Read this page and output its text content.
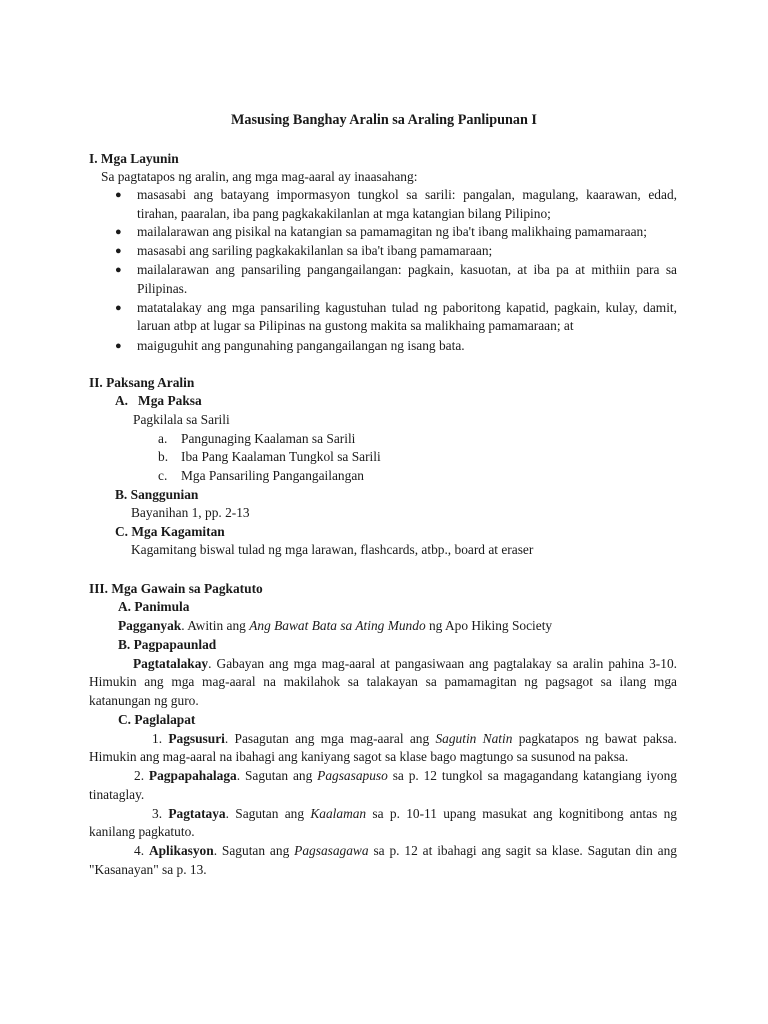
Masusing Banghay Aralin sa Araling Panlipunan I
I. Mga Layunin
Sa pagtatapos ng aralin, ang mga mag-aaral ay inaasahang:
● masasabi ang batayang impormasyon tungkol sa sarili: pangalan, magulang, kaarawan, edad,
tirahan, paaralan, iba pang pagkakakilanlan at mga katangian bilang Pilipino;
● mailalarawan ang pisikal na katangian sa pamamagitan ng iba't ibang malikhaing pamamaraan;
● masasabi ang sariling pagkakakilanlan sa iba't ibang pamamaraan;
● mailalarawan ang pansariling pangangailangan: pagkain, kasuotan, at iba pa at mithiin para sa
Pilipinas.
● matatalakay ang mga pansariling kagustuhan tulad ng paboritong kapatid, pagkain, kulay, damit,
laruan atbp at lugar sa Pilipinas na gustong makita sa malikhaing pamamaraan; at
● maiguguhit ang pangunahing pangangailangan ng isang bata.
II. Paksang Aralin
A.   Mga Paksa
Pagkilala sa Sarili
a. Pangunaging Kaalaman sa Sarili
b. Iba Pang Kaalaman Tungkol sa Sarili
c. Mga Pansariling Pangangailangan
B. Sanggunian
Bayanihan 1, pp. 2-13
C. Mga Kagamitan
Kagamitang biswal tulad ng mga larawan, flashcards, atbp., board at eraser
III. Mga Gawain sa Pagkatuto
A. Panimula
Pagganyak. Awitin ang Ang Bawat Bata sa Ating Mundo ng Apo Hiking Society
B. Pagpapaunlad
Pagtatalakay. Gabayan ang mga mag-aaral at pangasiwaan ang pagtalakay sa aralin pahina 3-10.
Himukin ang mga mag-aaral na makilahok sa talakayan sa pamamagitan ng pagsagot sa ilang mga
katanungan ng guro.
C. Paglalapat
1. Pagsusuri. Pasagutan ang mga mag-aaral ang Sagutin Natin pagkatapos ng bawat paksa.
Himukin ang mag-aaral na ibahagi ang kaniyang sagot sa klase bago magtungo sa susunod na paksa.
2. Pagpapahalaga. Sagutan ang Pagsasapuso sa p. 12 tungkol sa magagandang katangiang iyong
tinataglay.
3. Pagtataya. Sagutan ang Kaalaman sa p. 10-11 upang masukat ang kognitibong antas ng
kanilang pagkatuto.
4. Aplikasyon. Sagutan ang Pagsasagawa sa p. 12 at ibahagi ang sagit sa klase. Sagutan din ang
"Kasanayan" sa p. 13.
